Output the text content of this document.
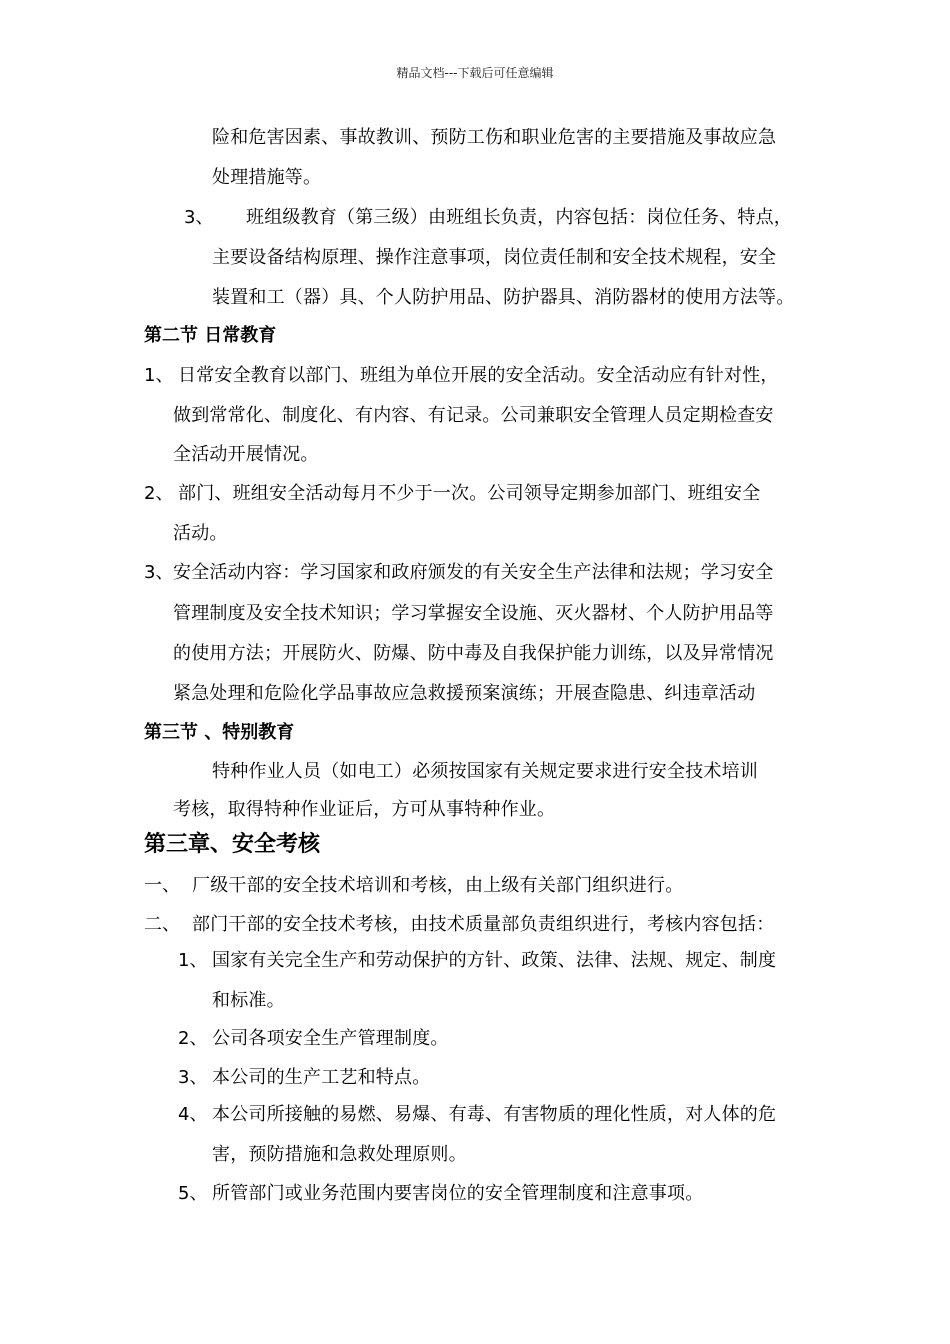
精品文档---下载后可任意编辑
险和危害因素、事故教训、预防工伤和职业危害的主要措施及事故应急
处理措施等。
3、 班组级教育（第三级）由班组长负责，内容包括：岗位任务、特点，
主要设备结构原理、操作注意事项，岗位责任制和安全技术规程，安全
装置和工（器）具、个人防护用品、防护器具、消防器材的使用方法等。
第二节 日常教育
1、 日常安全教育以部门、班组为单位开展的安全活动。安全活动应有针对性，
做到常常化、制度化、有内容、有记录。公司兼职安全管理人员定期检查安
全活动开展情况。
2、 部门、班组安全活动每月不少于一次。公司领导定期参加部门、班组安全
活动。
3、 安全活动内容：学习国家和政府颁发的有关安全生产法律和法规；学习安全
管理制度及安全技术知识；学习掌握安全设施、灭火器材、个人防护用品等
的使用方法；开展防火、防爆、防中毒及自我保护能力训练，以及异常情况
紧急处理和危险化学品事故应急救援预案演练；开展查隐患、纠违章活动
第三节 、特别教育
特种作业人员（如电工）必须按国家有关规定要求进行安全技术培训
考核，取得特种作业证后，方可从事特种作业。
第三章、安全考核
一、 厂级干部的安全技术培训和考核，由上级有关部门组织进行。
二、 部门干部的安全技术考核，由技术质量部负责组织进行，考核内容包括：
1、 国家有关完全生产和劳动保护的方针、政策、法律、法规、规定、制度
和标准。
2、 公司各项安全生产管理制度。
3、 本公司的生产工艺和特点。
4、 本公司所接触的易燃、易爆、有毒、有害物质的理化性质，对人体的危
害，预防措施和急救处理原则。
5、 所管部门或业务范围内要害岗位的安全管理制度和注意事项。
